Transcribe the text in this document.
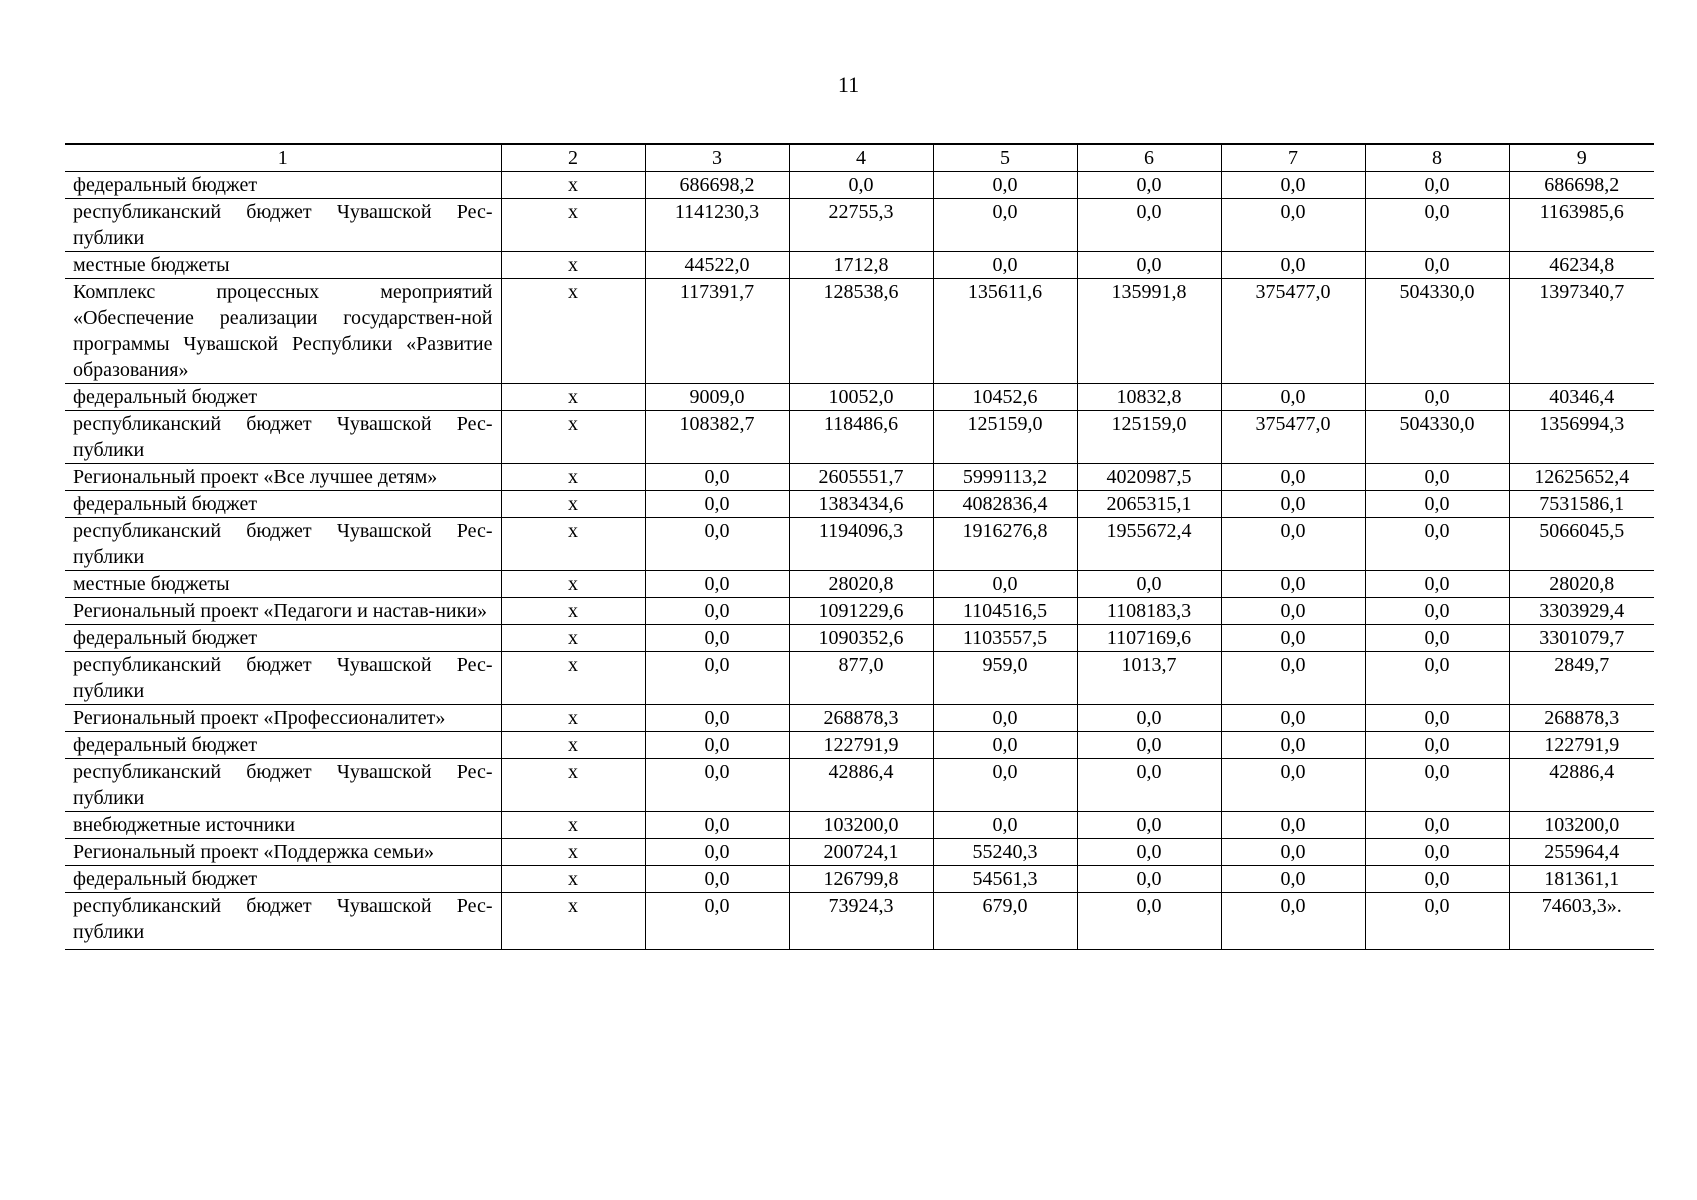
11
1	2	3	4	5	6	7	8	9
федеральный бюджет	x	686698,2	0,0	0,0	0,0	0,0	0,0	686698,2
республиканский бюджет Чувашской Рес-публики	x	1141230,3	22755,3	0,0	0,0	0,0	0,0	1163985,6
местные бюджеты	x	44522,0	1712,8	0,0	0,0	0,0	0,0	46234,8
Комплекс процессных мероприятий «Обеспечение реализации государствен-ной программы Чувашской Республики «Развитие образования»	x	117391,7	128538,6	135611,6	135991,8	375477,0	504330,0	1397340,7
федеральный бюджет	x	9009,0	10052,0	10452,6	10832,8	0,0	0,0	40346,4
республиканский бюджет Чувашской Рес-публики	x	108382,7	118486,6	125159,0	125159,0	375477,0	504330,0	1356994,3
Региональный проект «Все лучшее детям»	x	0,0	2605551,7	5999113,2	4020987,5	0,0	0,0	12625652,4
федеральный бюджет	x	0,0	1383434,6	4082836,4	2065315,1	0,0	0,0	7531586,1
республиканский бюджет Чувашской Рес-публики	x	0,0	1194096,3	1916276,8	1955672,4	0,0	0,0	5066045,5
местные бюджеты	x	0,0	28020,8	0,0	0,0	0,0	0,0	28020,8
Региональный проект «Педагоги и настав-ники»	x	0,0	1091229,6	1104516,5	1108183,3	0,0	0,0	3303929,4
федеральный бюджет	x	0,0	1090352,6	1103557,5	1107169,6	0,0	0,0	3301079,7
республиканский бюджет Чувашской Рес-публики	x	0,0	877,0	959,0	1013,7	0,0	0,0	2849,7
Региональный проект «Профессионалитет»	x	0,0	268878,3	0,0	0,0	0,0	0,0	268878,3
федеральный бюджет	x	0,0	122791,9	0,0	0,0	0,0	0,0	122791,9
республиканский бюджет Чувашской Рес-публики	x	0,0	42886,4	0,0	0,0	0,0	0,0	42886,4
внебюджетные источники	x	0,0	103200,0	0,0	0,0	0,0	0,0	103200,0
Региональный проект «Поддержка семьи»	x	0,0	200724,1	55240,3	0,0	0,0	0,0	255964,4
федеральный бюджет	x	0,0	126799,8	54561,3	0,0	0,0	0,0	181361,1
республиканский бюджет Чувашской Рес-публики	x	0,0	73924,3	679,0	0,0	0,0	0,0	74603,3».
